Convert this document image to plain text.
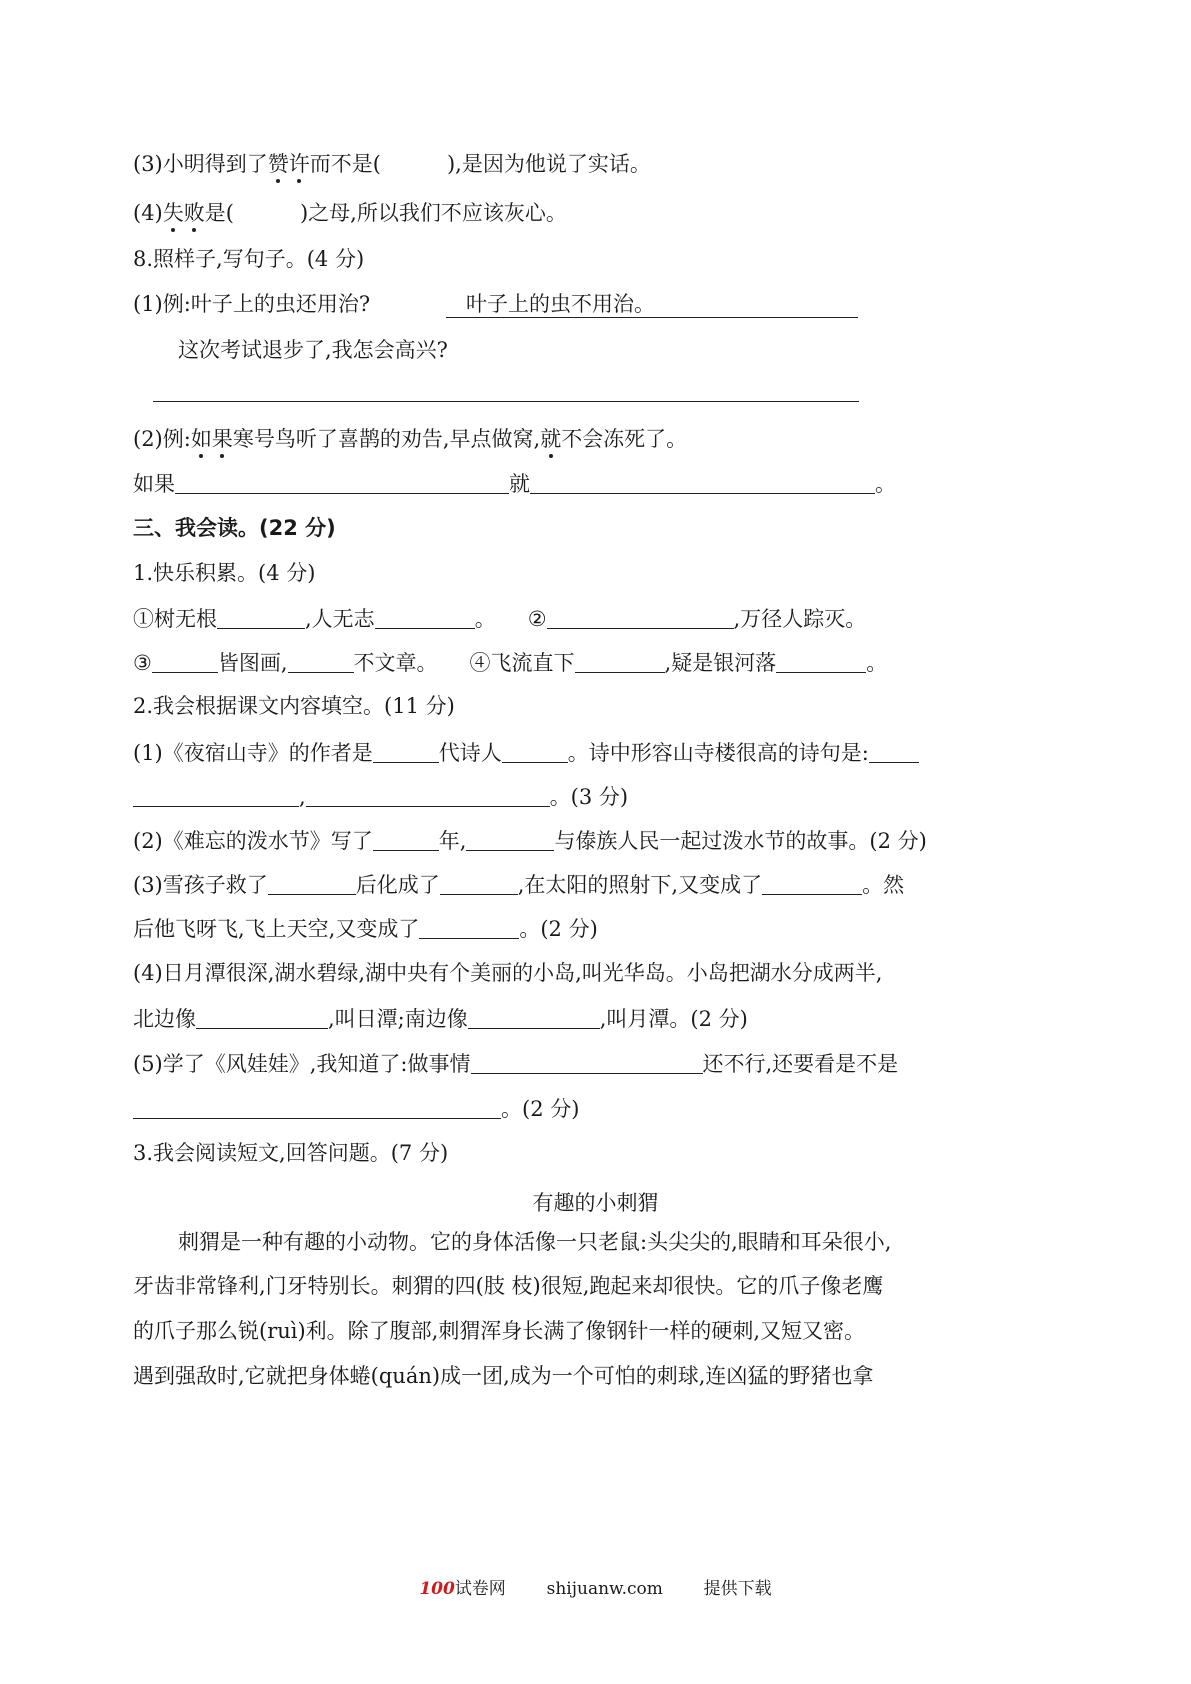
(3)小明得到了赞许而不是(	),是因为他说了实话。
(4)失败是(	)之母,所以我们不应该灰心。
8.照样子,写句子。(4 分)
(1)例:叶子上的虫还用治?	叶子上的虫不用治。
这次考试退步了,我怎会高兴?
(2)例:如果寒号鸟听了喜鹊的劝告,早点做窝,就不会冻死了。
如果	就	。
三、我会读。(22 分)
1.快乐积累。(4 分)
①树无根	,人无志	。 ②	,万径人踪灭。
③	皆图画,	不文章。 ④飞流直下	,疑是银河落	。
2.我会根据课文内容填空。(11 分)
(1)《夜宿山寺》的作者是	代诗人	。诗中形容山寺楼很高的诗句是:
,	。(3 分)
(2)《难忘的泼水节》写了	年,	与傣族人民一起过泼水节的故事。(2 分)
(3)雪孩子救了	后化成了	,在太阳的照射下,又变成了	。然
后他飞呀飞,飞上天空,又变成了	。(2 分)
(4)日月潭很深,湖水碧绿,湖中央有个美丽的小岛,叫光华岛。小岛把湖水分成两半,
北边像	,叫日潭;南边像	,叫月潭。(2 分)
(5)学了《风娃娃》,我知道了:做事情	还不行,还要看是不是
。(2 分)
3.我会阅读短文,回答问题。(7 分)
有趣的小刺猬
刺猬是一种有趣的小动物。它的身体活像一只老鼠:头尖尖的,眼睛和耳朵很小,
牙齿非常锋利,门牙特别长。刺猬的四(肢 枝)很短,跑起来却很快。它的爪子像老鹰
的爪子那么锐(ruì)利。除了腹部,刺猬浑身长满了像钢针一样的硬刺,又短又密。
遇到强敌时,它就把身体蜷(quán)成一团,成为一个可怕的刺球,连凶猛的野猪也拿
100试卷网 shijuanw.com 提供下载
